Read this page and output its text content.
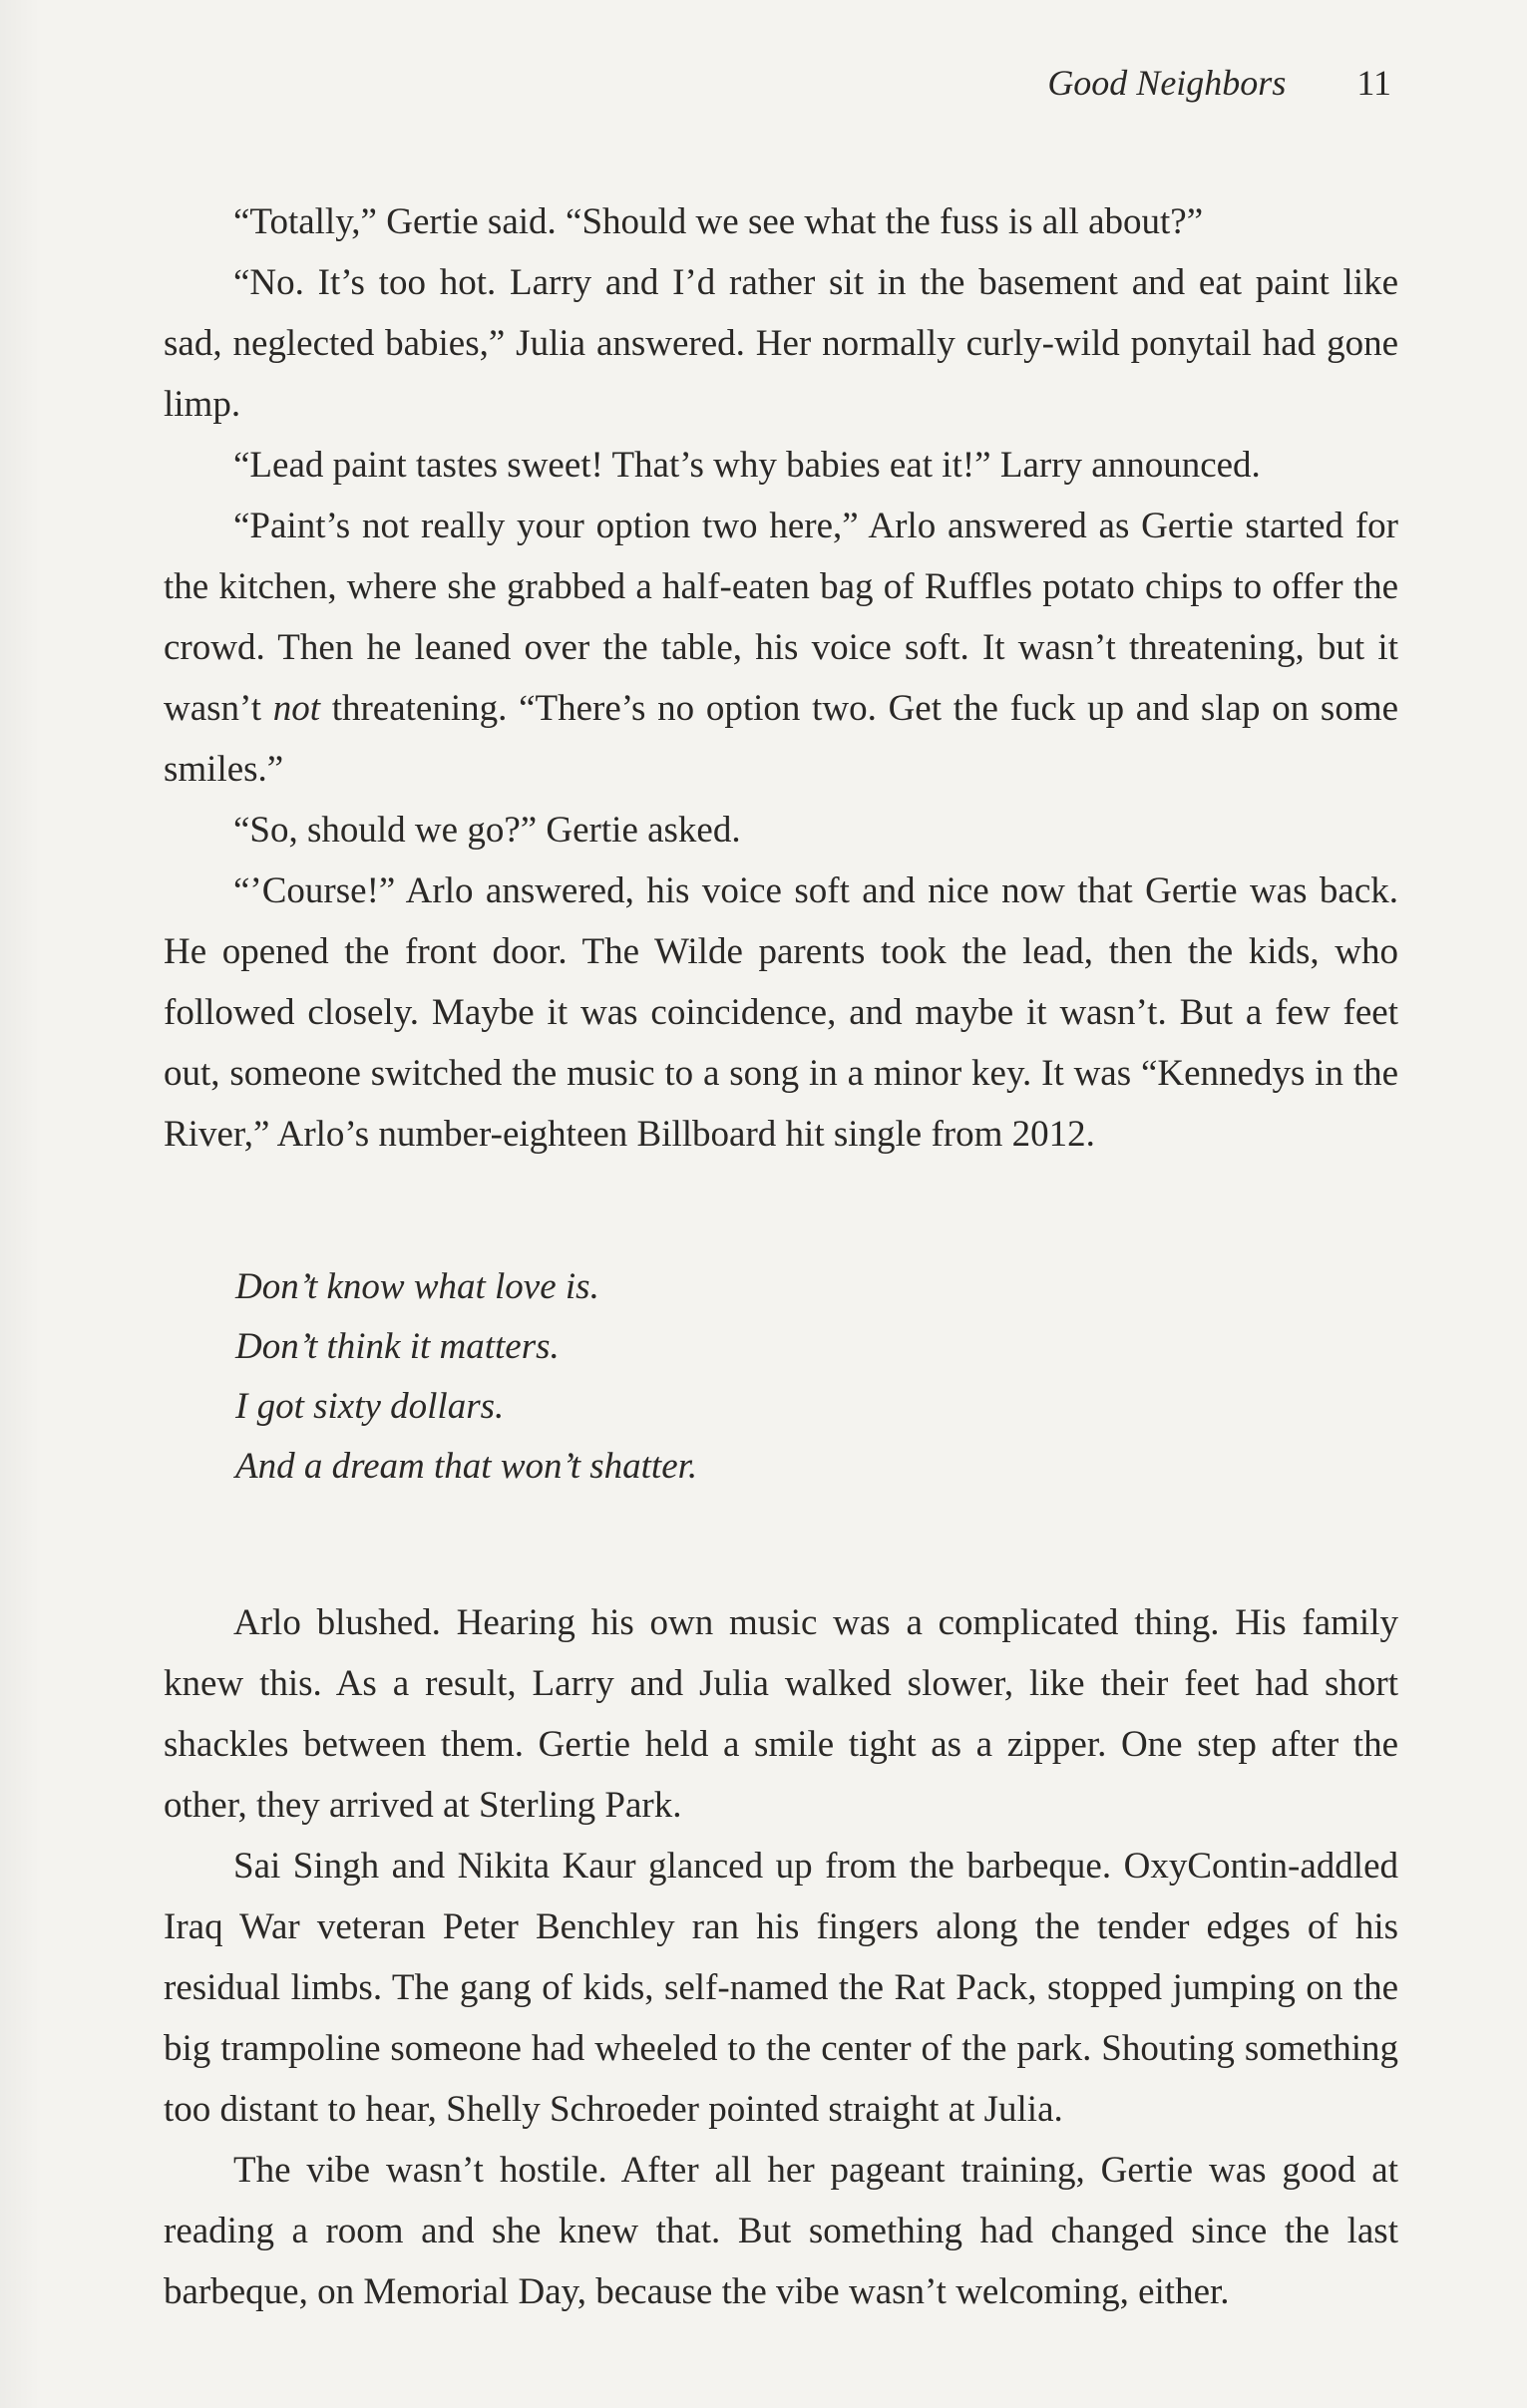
Good Neighbors 11

“Totally,” Gertie said. “Should we see what the fuss is all about?”

“No. It’s too hot. Larry and I’d rather sit in the basement and eat paint like sad, neglected babies,” Julia answered. Her normally curly-wild ponytail had gone limp.

“Lead paint tastes sweet! That’s why babies eat it!” Larry announced.

“Paint’s not really your option two here,” Arlo answered as Gertie started for the kitchen, where she grabbed a half-eaten bag of Ruffles potato chips to offer the crowd. Then he leaned over the table, his voice soft. It wasn’t threatening, but it wasn’t not threatening. “There’s no option two. Get the fuck up and slap on some smiles.”

“So, should we go?” Gertie asked.

“’Course!” Arlo answered, his voice soft and nice now that Gertie was back. He opened the front door. The Wilde parents took the lead, then the kids, who followed closely. Maybe it was coincidence, and maybe it wasn’t. But a few feet out, someone switched the music to a song in a minor key. It was “Kennedys in the River,” Arlo’s number-eighteen Billboard hit single from 2012.

Don’t know what love is.
Don’t think it matters.
I got sixty dollars.
And a dream that won’t shatter.

Arlo blushed. Hearing his own music was a complicated thing. His family knew this. As a result, Larry and Julia walked slower, like their feet had short shackles between them. Gertie held a smile tight as a zipper. One step after the other, they arrived at Sterling Park.

Sai Singh and Nikita Kaur glanced up from the barbeque. OxyContin-addled Iraq War veteran Peter Benchley ran his fingers along the tender edges of his residual limbs. The gang of kids, self-named the Rat Pack, stopped jumping on the big trampoline someone had wheeled to the center of the park. Shouting something too distant to hear, Shelly Schroeder pointed straight at Julia.

The vibe wasn’t hostile. After all her pageant training, Gertie was good at reading a room and she knew that. But something had changed since the last barbeque, on Memorial Day, because the vibe wasn’t welcoming, either.
